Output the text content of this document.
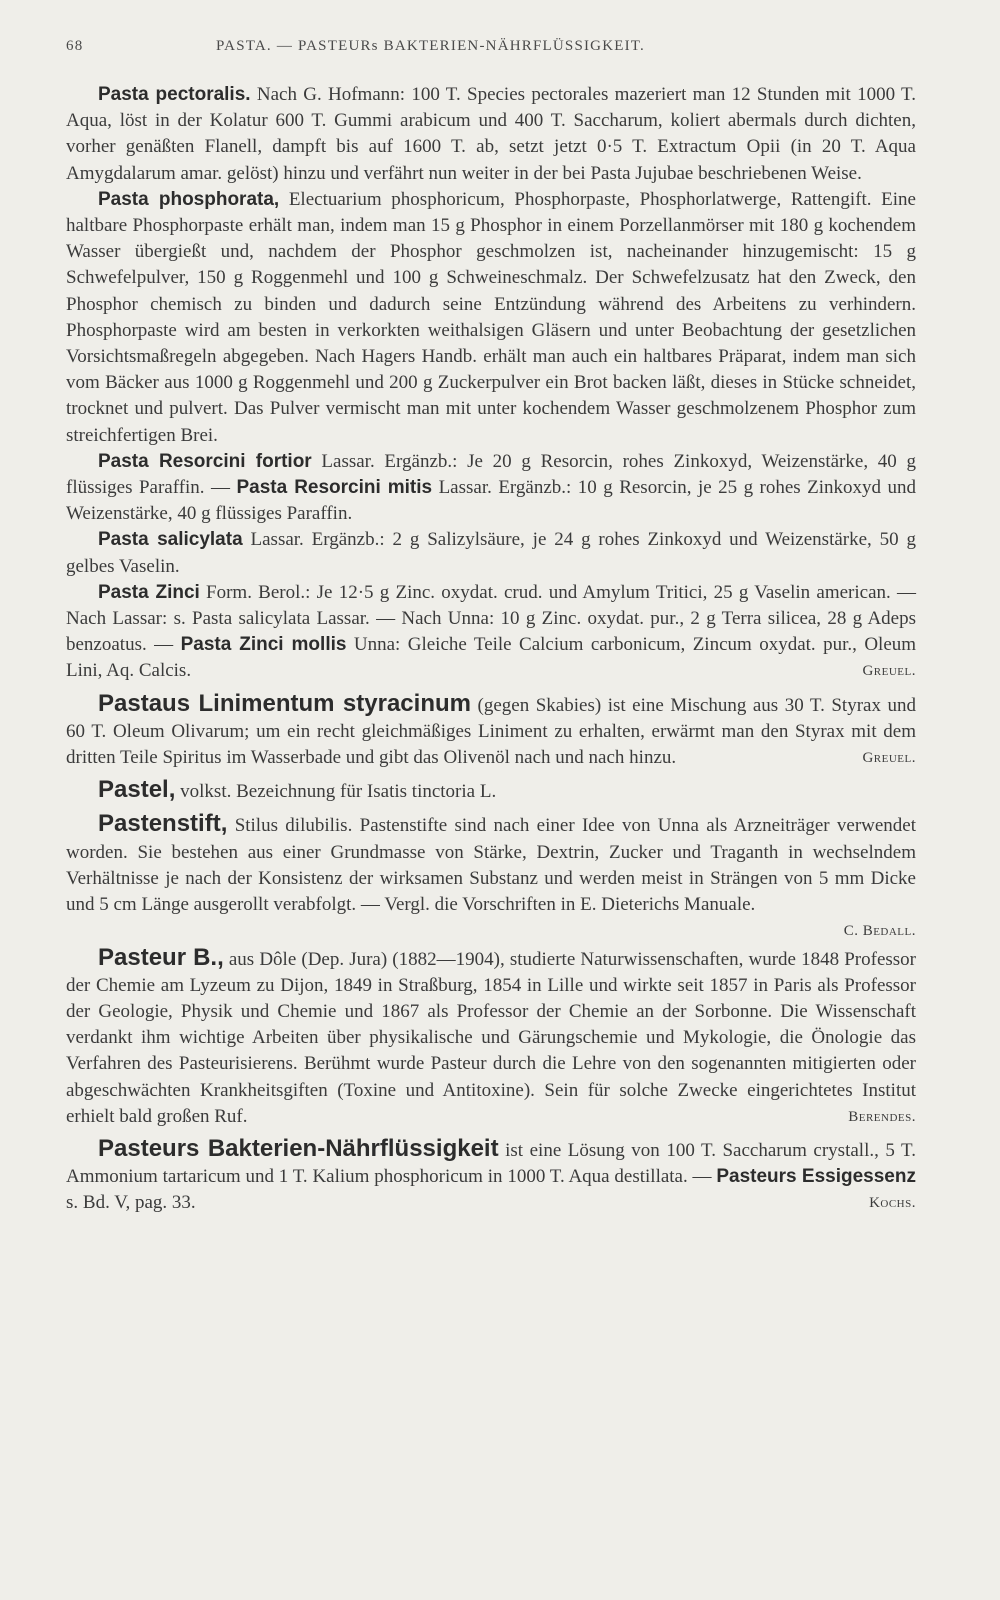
68	PASTA. — PASTEURs BAKTERIEN-NÄHRFLÜSSIGKEIT.

Pasta pectoralis. Nach G. Hofmann: 100 T. Species pectorales mazeriert man 12 Stunden mit 1000 T. Aqua, löst in der Kolatur 600 T. Gummi arabicum und 400 T. Saccharum, koliert abermals durch dichten, vorher genäßten Flanell, dampft bis auf 1600 T. ab, setzt jetzt 0·5 T. Extractum Opii (in 20 T. Aqua Amygdalarum amar. gelöst) hinzu und verfährt nun weiter in der bei Pasta Jujubae beschriebenen Weise.

Pasta phosphorata, Electuarium phosphoricum, Phosphorpaste, Phosphorlatwerge, Rattengift. Eine haltbare Phosphorpaste erhält man, indem man 15 g Phosphor in einem Porzellanmörser mit 180 g kochendem Wasser übergießt und, nachdem der Phosphor geschmolzen ist, nacheinander hinzugemischt: 15 g Schwefelpulver, 150 g Roggenmehl und 100 g Schweineschmalz. Der Schwefelzusatz hat den Zweck, den Phosphor chemisch zu binden und dadurch seine Entzündung während des Arbeitens zu verhindern. Phosphorpaste wird am besten in verkorkten weithalsigen Gläsern und unter Beobachtung der gesetzlichen Vorsichtsmaßregeln abgegeben. Nach Hagers Handb. erhält man auch ein haltbares Präparat, indem man sich vom Bäcker aus 1000 g Roggenmehl und 200 g Zuckerpulver ein Brot backen läßt, dieses in Stücke schneidet, trocknet und pulvert. Das Pulver vermischt man mit unter kochendem Wasser geschmolzenem Phosphor zum streichfertigen Brei.

Pasta Resorcini fortior Lassar. Ergänzb.: Je 20 g Resorcin, rohes Zinkoxyd, Weizenstärke, 40 g flüssiges Paraffin. — Pasta Resorcini mitis Lassar. Ergänzb.: 10 g Resorcin, je 25 g rohes Zinkoxyd und Weizenstärke, 40 g flüssiges Paraffin.

Pasta salicylata Lassar. Ergänzb.: 2 g Salizylsäure, je 24 g rohes Zinkoxyd und Weizenstärke, 50 g gelbes Vaselin.

Pasta Zinci Form. Berol.: Je 12·5 g Zinc. oxydat. crud. und Amylum Tritici, 25 g Vaselin american. — Nach Lassar: s. Pasta salicylata Lassar. — Nach Unna: 10 g Zinc. oxydat. pur., 2 g Terra silicea, 28 g Adeps benzoatus. — Pasta Zinci mollis Unna: Gleiche Teile Calcium carbonicum, Zincum oxydat. pur., Oleum Lini, Aq. Calcis.	Greuel.

Pastaus Linimentum styracinum (gegen Skabies) ist eine Mischung aus 30 T. Styrax und 60 T. Oleum Olivarum; um ein recht gleichmäßiges Liniment zu erhalten, erwärmt man den Styrax mit dem dritten Teile Spiritus im Wasserbade und gibt das Olivenöl nach und nach hinzu.	Greuel.

Pastel, volkst. Bezeichnung für Isatis tinctoria L.

Pastenstift, Stilus dilubilis. Pastenstifte sind nach einer Idee von Unna als Arzneiträger verwendet worden. Sie bestehen aus einer Grundmasse von Stärke, Dextrin, Zucker und Traganth in wechselndem Verhältnisse je nach der Konsistenz der wirksamen Substanz und werden meist in Strängen von 5 mm Dicke und 5 cm Länge ausgerollt verabfolgt. — Vergl. die Vorschriften in E. Dieterichs Manuale.

C. Bedall.

Pasteur B., aus Dôle (Dep. Jura) (1882—1904), studierte Naturwissenschaften, wurde 1848 Professor der Chemie am Lyzeum zu Dijon, 1849 in Straßburg, 1854 in Lille und wirkte seit 1857 in Paris als Professor der Geologie, Physik und Chemie und 1867 als Professor der Chemie an der Sorbonne. Die Wissenschaft verdankt ihm wichtige Arbeiten über physikalische und Gärungschemie und Mykologie, die Önologie das Verfahren des Pasteurisierens. Berühmt wurde Pasteur durch die Lehre von den sogenannten mitigierten oder abgeschwächten Krankheitsgiften (Toxine und Antitoxine). Sein für solche Zwecke eingerichtetes Institut erhielt bald großen Ruf.	Berendes.

Pasteurs Bakterien-Nährflüssigkeit ist eine Lösung von 100 T. Saccharum crystall., 5 T. Ammonium tartaricum und 1 T. Kalium phosphoricum in 1000 T. Aqua destillata. — Pasteurs Essigessenz s. Bd. V, pag. 33.	Kochs.
